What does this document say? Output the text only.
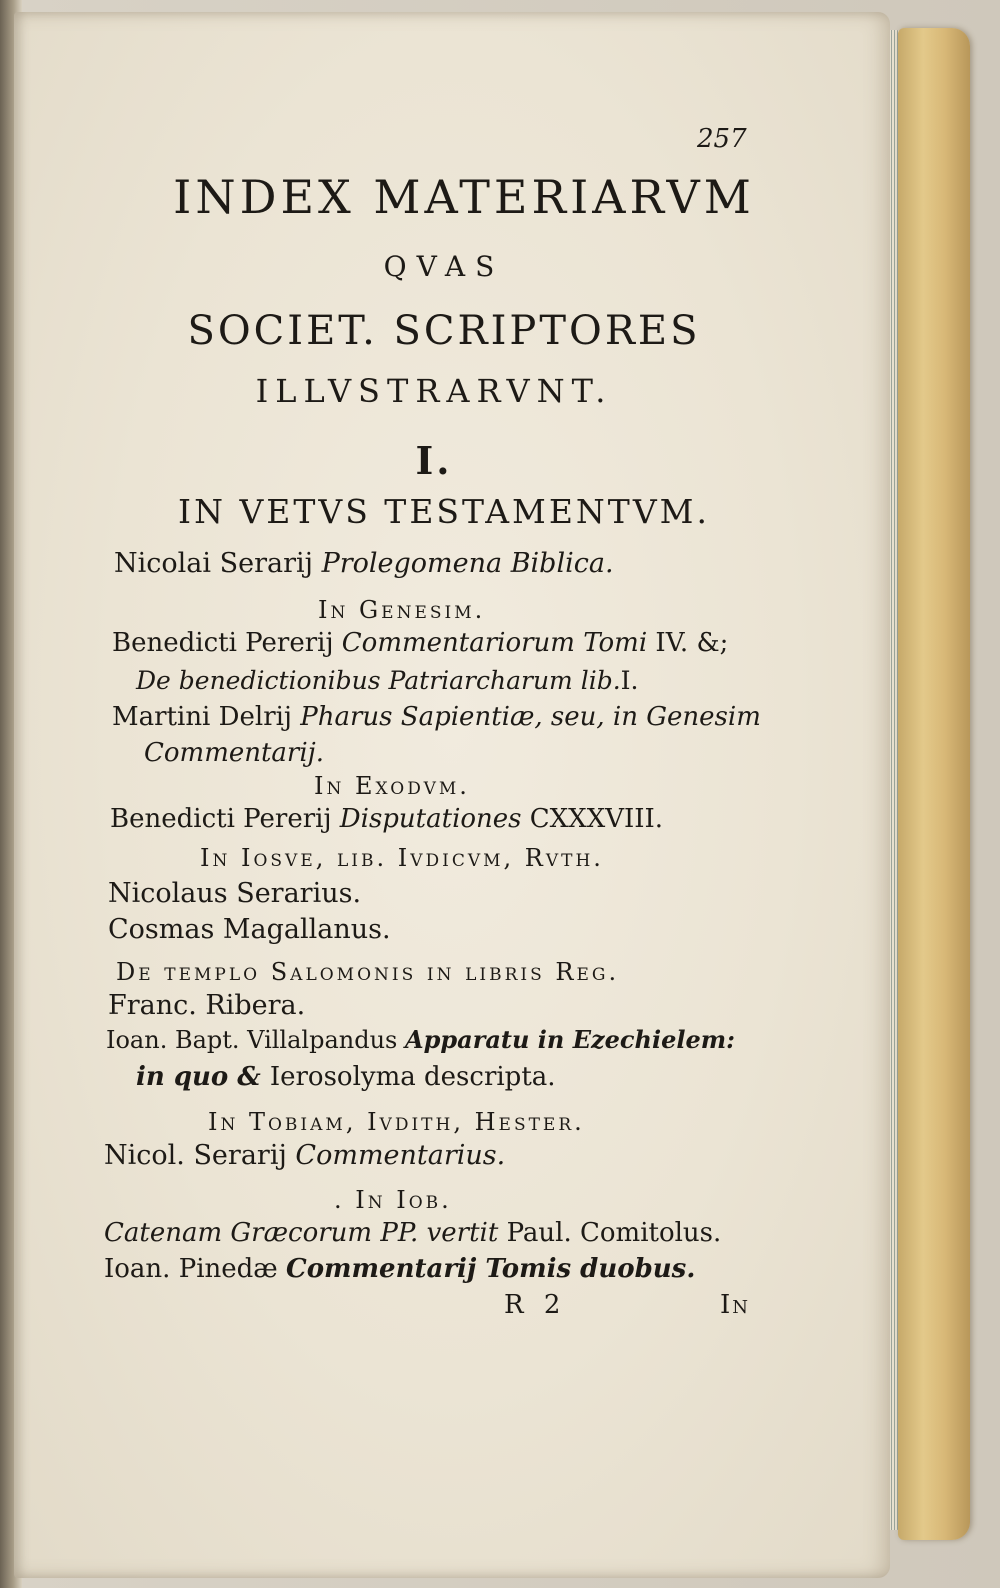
257
INDEX MATERIARVM
QVAS
SOCIET. SCRIPTORES
ILLVSTRARVNT.
I.
IN VETVS TESTAMENTVM.
Nicolai Serarij Prolegomena Biblica.
In Genesim.
Benedicti Pererij Commentariorum Tomi IV. &;
De benedictionibus Patriarcharum lib.I.
Martini Delrij Pharus Sapientiæ, seu, in Genesim
Commentarij.
In Exodvm.
Benedicti Pererij Disputationes CXXXVIII.
In Iosve, lib. Ivdicvm, Rvth.
Nicolaus Serarius.
Cosmas Magallanus.
De templo Salomonis in libris Reg.
Franc. Ribera.
Ioan. Bapt. Villalpandus Apparatu in Ezechielem:
in quo & Ierosolyma descripta.
In Tobiam, Ivdith, Hester.
Nicol. Serarij Commentarius.
. In Iob.
Catenam Græcorum PP. vertit Paul. Comitolus.
Ioan. Pinedæ Commentarij Tomis duobus.
R 2	In
